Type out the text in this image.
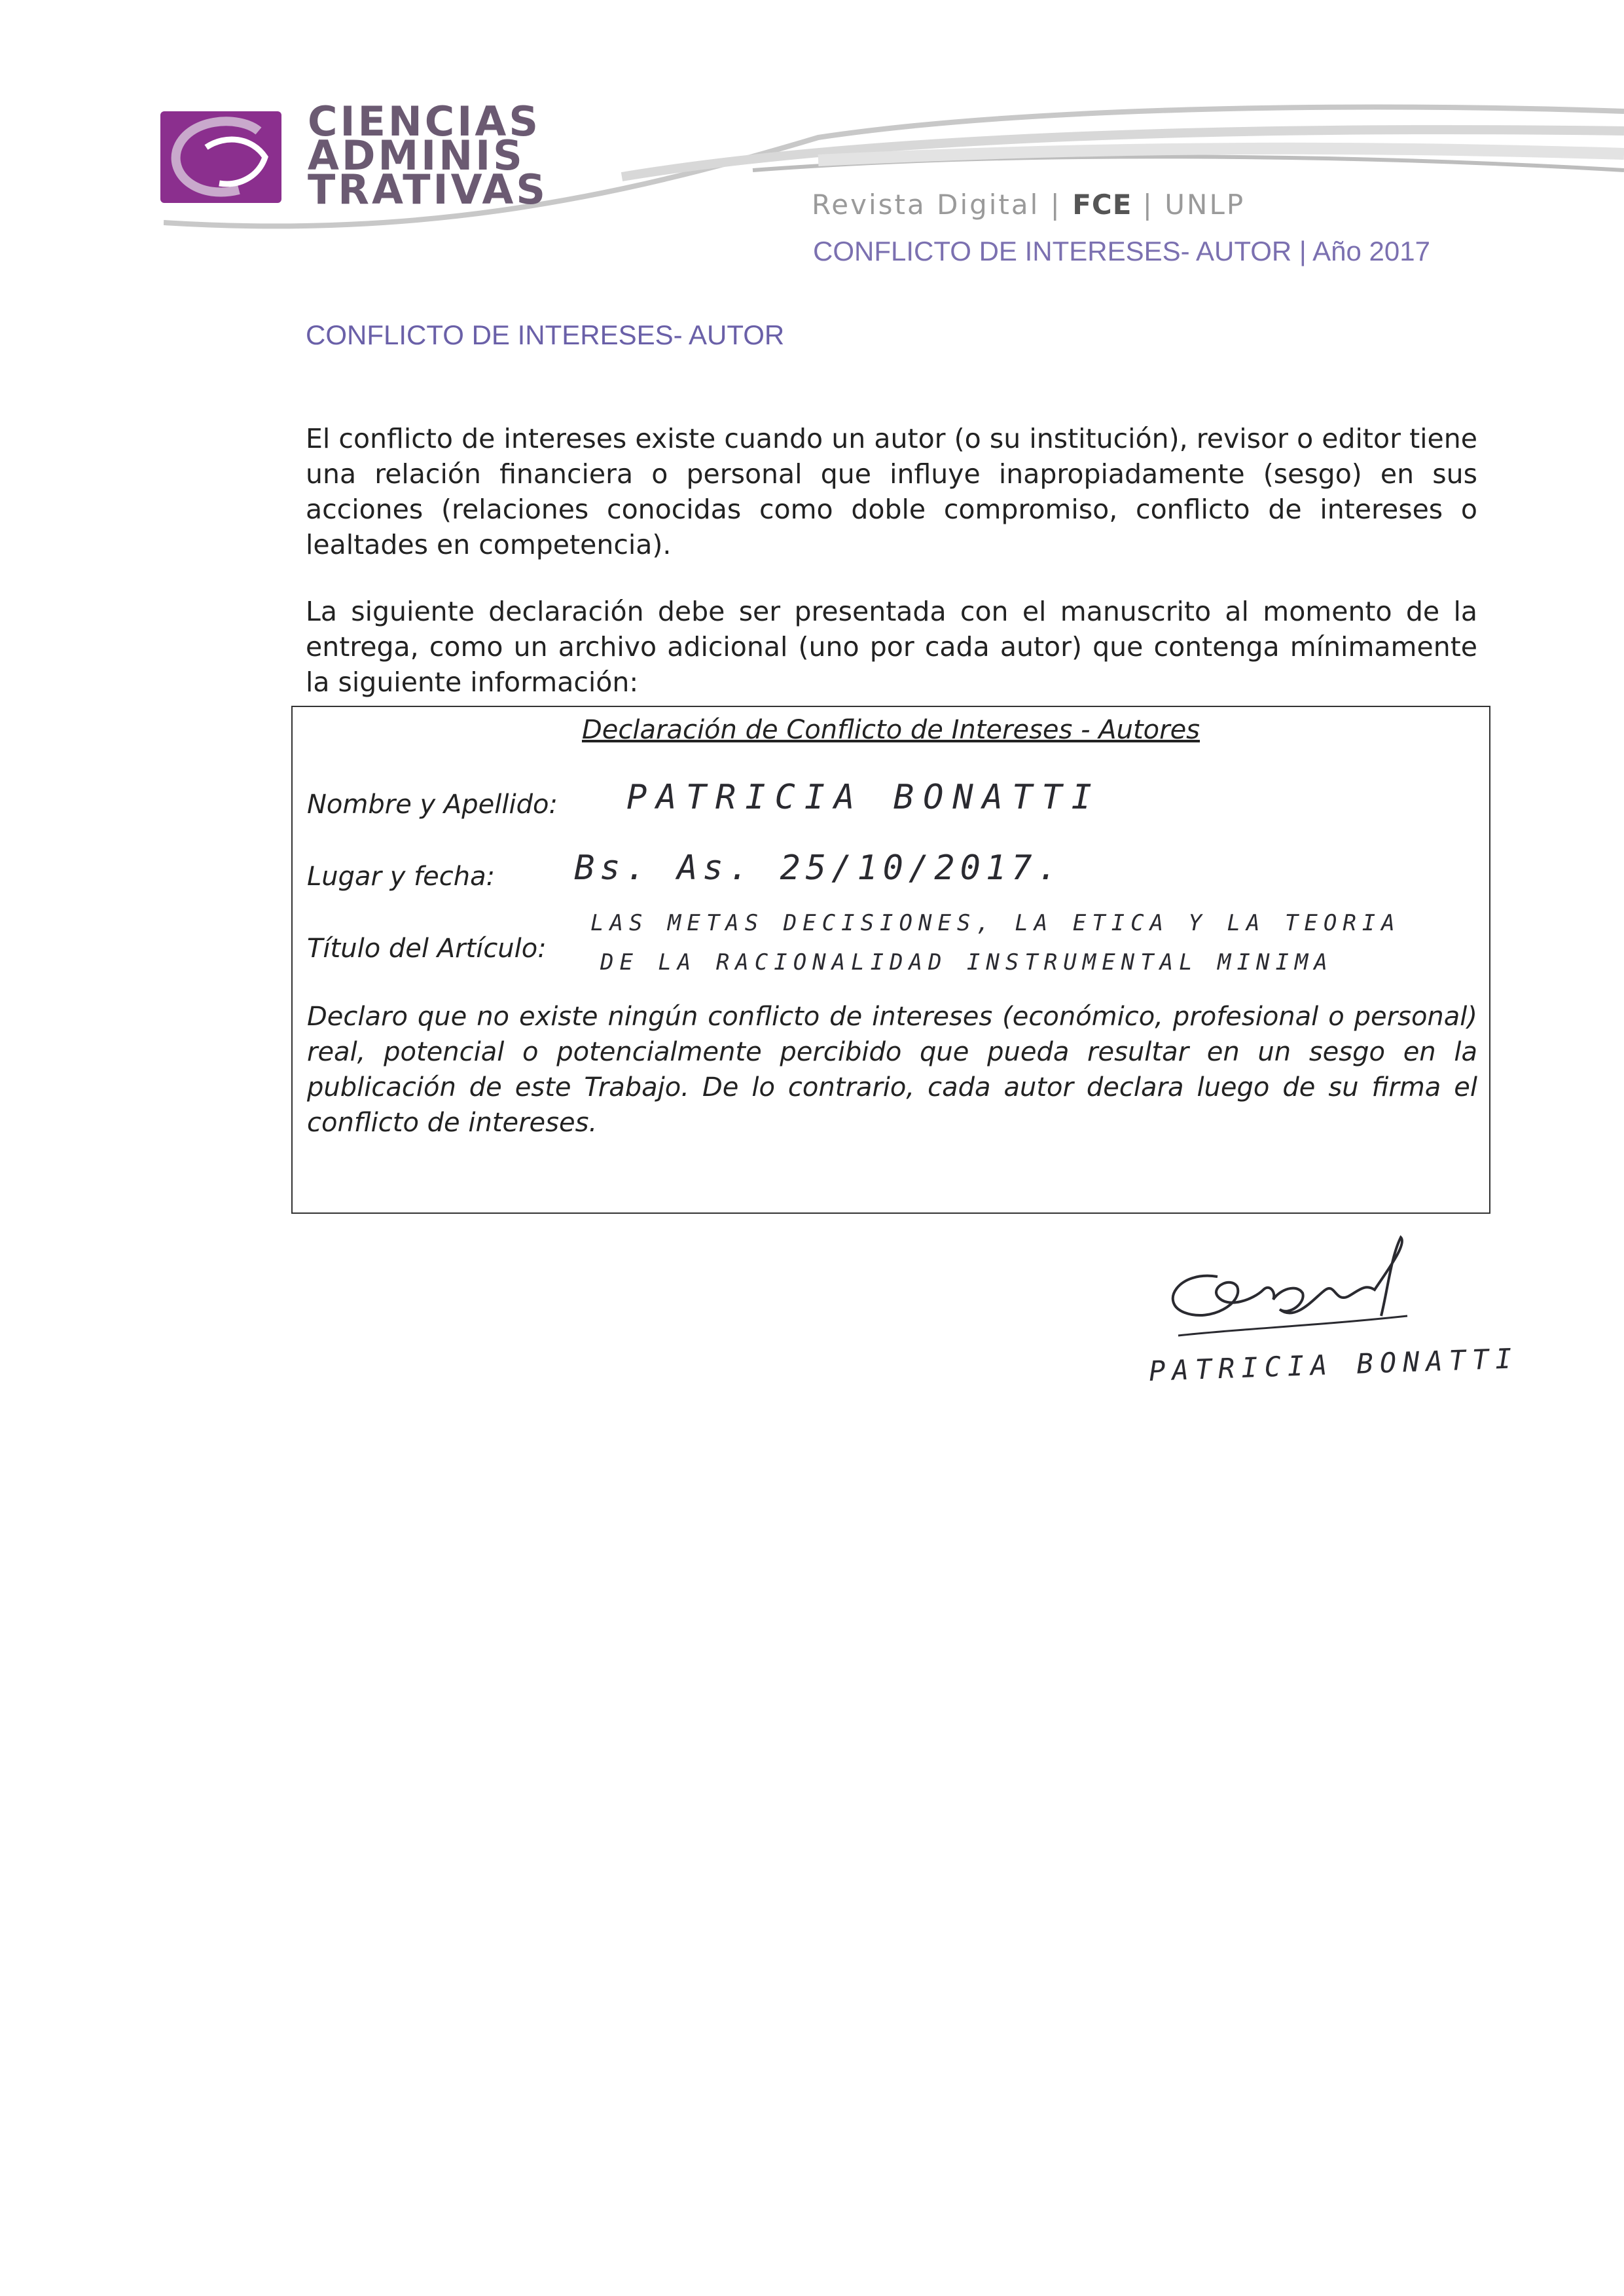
CIENCIAS
ADMINIS
TRATIVAS	Revista Digital | FCE | UNLP
CONFLICTO DE INTERESES- AUTOR | Año 2017
CONFLICTO DE INTERESES- AUTOR

El conflicto de intereses existe cuando un autor (o su institución), revisor o editor tiene una relación financiera o personal que influye inapropiadamente (sesgo) en sus acciones (relaciones conocidas como doble compromiso, conflicto de intereses o lealtades en competencia).

La siguiente declaración debe ser presentada con el manuscrito al momento de la entrega, como un archivo adicional (uno por cada autor) que contenga mínimamente la siguiente información:

Declaración de Conflicto de Intereses - Autores
Nombre y Apellido: PATRICIA BONATTI
Lugar y fecha: Bs. As. 25/10/2017.
Título del Artículo:
LAS METAS DECISIONES, LA ETICA Y LA TEORIA
DE LA RACIONALIDAD INSTRUMENTAL MINIMA
Declaro que no existe ningún conflicto de intereses (económico, profesional o personal) real, potencial o potencialmente percibido que pueda resultar en un sesgo en la publicación de este Trabajo. De lo contrario, cada autor declara luego de su firma el conflicto de intereses.
PATRICIA BONATTI
